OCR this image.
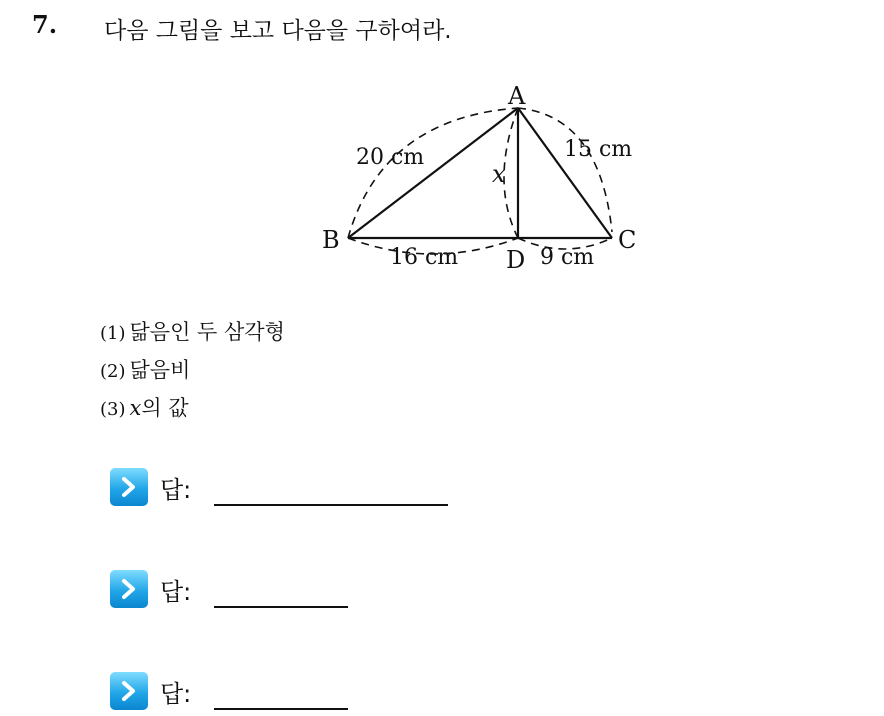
7. 다음 그림을 보고 다음을 구하여라.
A
B	C
D
x
20 cm	15 cm
16 cm	9 cm
(1) 닮음인 두 삼각형
(2) 닮음비
(3) x의 값
답:
답:
답:
